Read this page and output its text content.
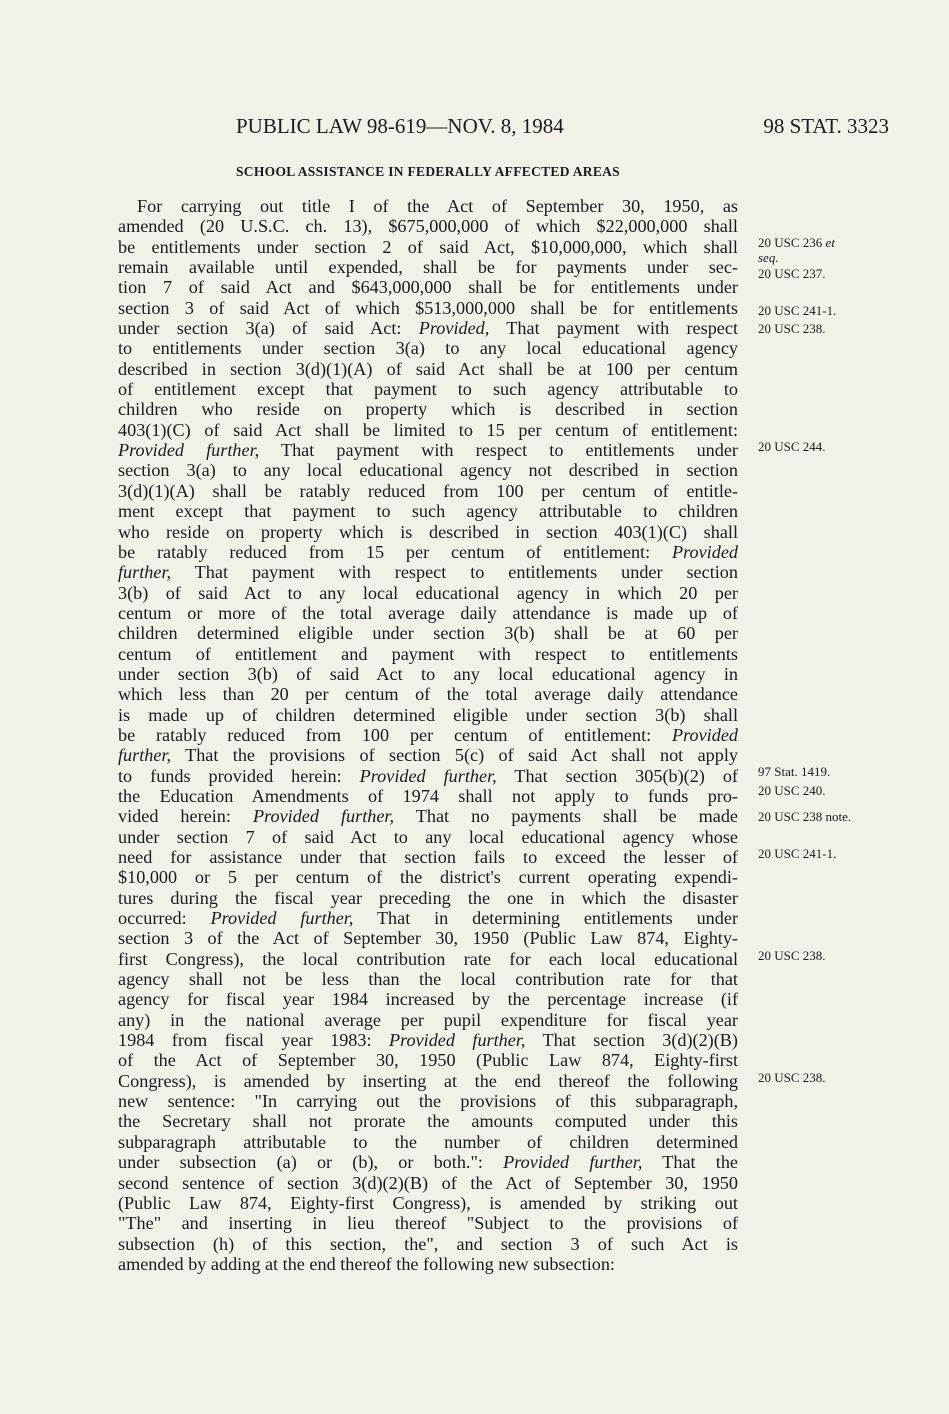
PUBLIC LAW 98-619—NOV. 8, 1984	98 STAT. 3323
SCHOOL ASSISTANCE IN FEDERALLY AFFECTED AREAS
For carrying out title I of the Act of September 30, 1950, as
amended (20 U.S.C. ch. 13), $675,000,000 of which $22,000,000 shall
be entitlements under section 2 of said Act, $10,000,000, which shall
remain available until expended, shall be for payments under sec-
tion 7 of said Act and $643,000,000 shall be for entitlements under
section 3 of said Act of which $513,000,000 shall be for entitlements
under section 3(a) of said Act: Provided, That payment with respect
to entitlements under section 3(a) to any local educational agency
described in section 3(d)(1)(A) of said Act shall be at 100 per centum
of entitlement except that payment to such agency attributable to
children who reside on property which is described in section
403(1)(C) of said Act shall be limited to 15 per centum of entitlement:
Provided further, That payment with respect to entitlements under
section 3(a) to any local educational agency not described in section
3(d)(1)(A) shall be ratably reduced from 100 per centum of entitle-
ment except that payment to such agency attributable to children
who reside on property which is described in section 403(1)(C) shall
be ratably reduced from 15 per centum of entitlement: Provided
further, That payment with respect to entitlements under section
3(b) of said Act to any local educational agency in which 20 per
centum or more of the total average daily attendance is made up of
children determined eligible under section 3(b) shall be at 60 per
centum of entitlement and payment with respect to entitlements
under section 3(b) of said Act to any local educational agency in
which less than 20 per centum of the total average daily attendance
is made up of children determined eligible under section 3(b) shall
be ratably reduced from 100 per centum of entitlement: Provided
further, That the provisions of section 5(c) of said Act shall not apply
to funds provided herein: Provided further, That section 305(b)(2) of
the Education Amendments of 1974 shall not apply to funds pro-
vided herein: Provided further, That no payments shall be made
under section 7 of said Act to any local educational agency whose
need for assistance under that section fails to exceed the lesser of
$10,000 or 5 per centum of the district's current operating expendi-
tures during the fiscal year preceding the one in which the disaster
occurred: Provided further, That in determining entitlements under
section 3 of the Act of September 30, 1950 (Public Law 874, Eighty-
first Congress), the local contribution rate for each local educational
agency shall not be less than the local contribution rate for that
agency for fiscal year 1984 increased by the percentage increase (if
any) in the national average per pupil expenditure for fiscal year
1984 from fiscal year 1983: Provided further, That section 3(d)(2)(B)
of the Act of September 30, 1950 (Public Law 874, Eighty-first
Congress), is amended by inserting at the end thereof the following
new sentence: "In carrying out the provisions of this subparagraph,
the Secretary shall not prorate the amounts computed under this
subparagraph attributable to the number of children determined
under subsection (a) or (b), or both.": Provided further, That the
second sentence of section 3(d)(2)(B) of the Act of September 30, 1950
(Public Law 874, Eighty-first Congress), is amended by striking out
"The" and inserting in lieu thereof "Subject to the provisions of
subsection (h) of this section, the", and section 3 of such Act is
amended by adding at the end thereof the following new subsection:
20 USC 236 et
seq.
20 USC 237.
20 USC 241-1.
20 USC 238.
20 USC 244.
97 Stat. 1419.
20 USC 240.
20 USC 238 note.
20 USC 241-1.
20 USC 238.
20 USC 238.
